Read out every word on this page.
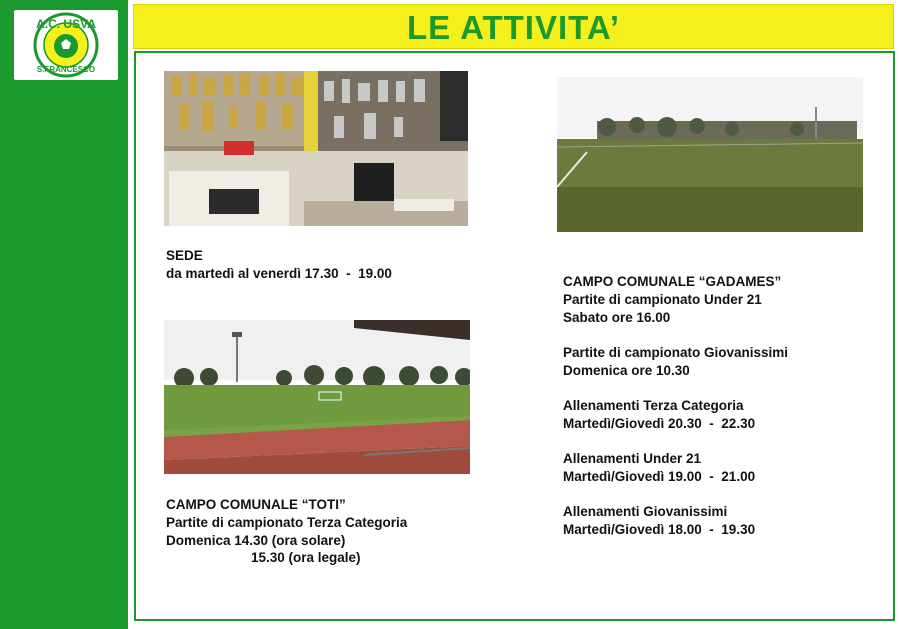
A.C. USVA
S.FRANCESCO
LE ATTIVITA’
SEDE
da martedì al venerdì 17.30  -  19.00
CAMPO COMUNALE “TOTI”
Partite di campionato Terza Categoria
Domenica 14.30 (ora solare)
15.30 (ora legale)
CAMPO COMUNALE “GADAMES”
Partite di campionato Under 21
Sabato ore 16.00
Partite di campionato Giovanissimi
Domenica ore 10.30
Allenamenti Terza Categoria
Martedì/Giovedì 20.30  -  22.30
Allenamenti Under 21
Martedì/Giovedì 19.00  -  21.00
Allenamenti Giovanissimi
Martedì/Giovedì 18.00  -  19.30
